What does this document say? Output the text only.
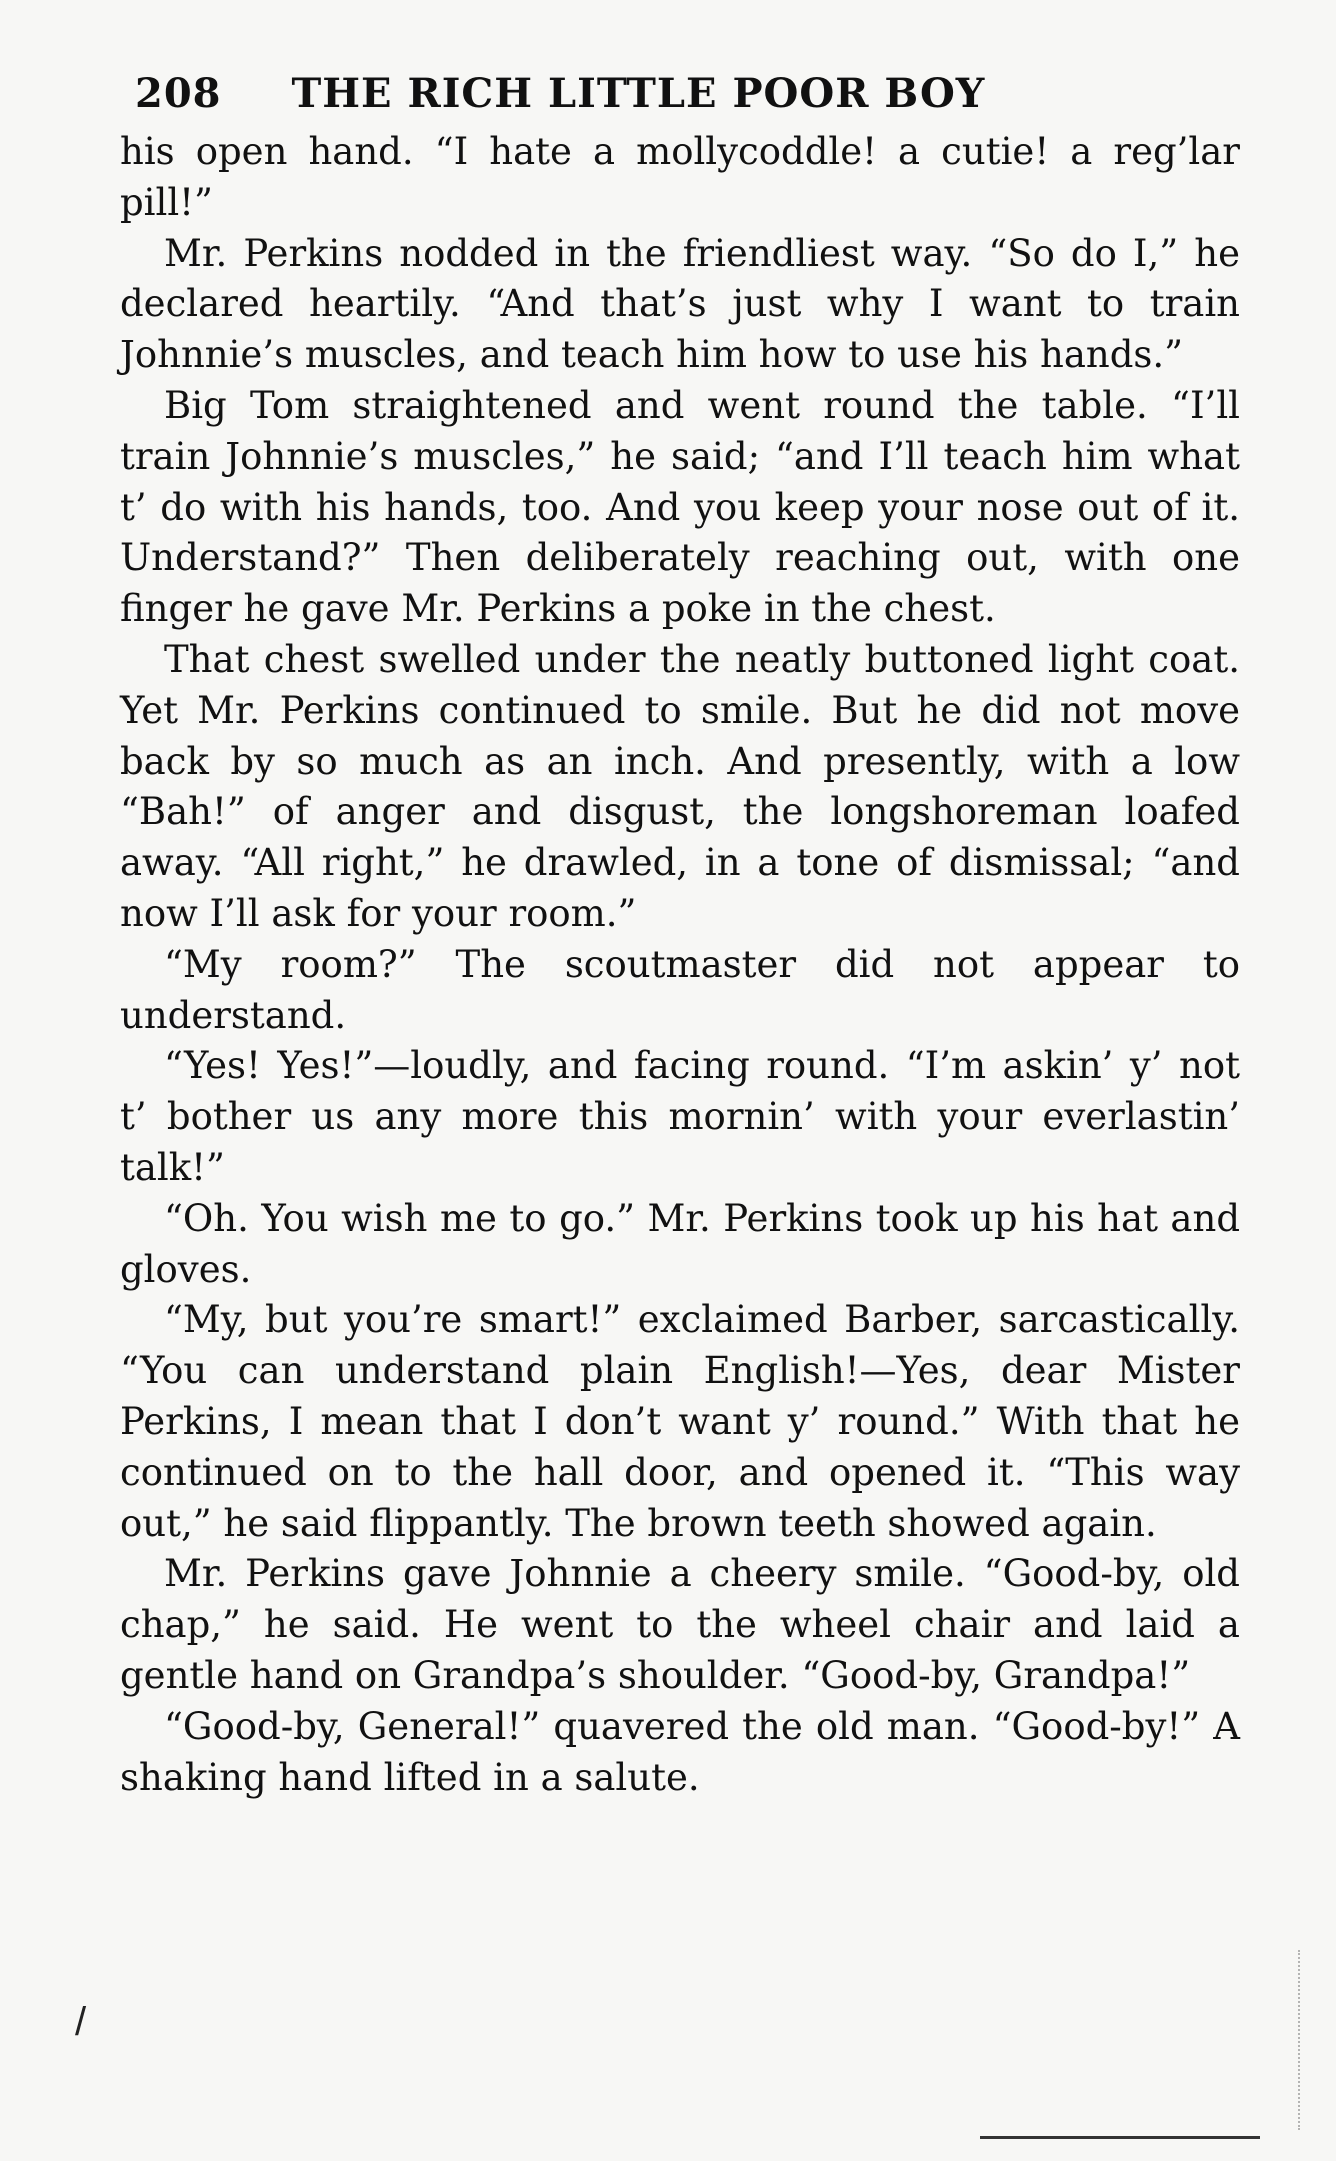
208 THE RICH LITTLE POOR BOY

his open hand. “I hate a mollycoddle! a cutie! a reg’lar pill!”

Mr. Perkins nodded in the friendliest way. “So do I,” he declared heartily. “And that’s just why I want to train Johnnie’s muscles, and teach him how to use his hands.”

Big Tom straightened and went round the table. “I’ll train Johnnie’s muscles,” he said; “and I’ll teach him what t’ do with his hands, too. And you keep your nose out of it. Understand?” Then deliberately reaching out, with one finger he gave Mr. Perkins a poke in the chest.

That chest swelled under the neatly buttoned light coat. Yet Mr. Perkins continued to smile. But he did not move back by so much as an inch. And presently, with a low “Bah!” of anger and disgust, the longshoreman loafed away. “All right,” he drawled, in a tone of dismissal; “and now I’ll ask for your room.”

“My room?” The scoutmaster did not appear to understand.

“Yes! Yes!”—loudly, and facing round. “I’m askin’ y’ not t’ bother us any more this mornin’ with your everlastin’ talk!”

“Oh. You wish me to go.” Mr. Perkins took up his hat and gloves.

“My, but you’re smart!” exclaimed Barber, sarcastically. “You can understand plain English!—Yes, dear Mister Perkins, I mean that I don’t want y’ round.” With that he continued on to the hall door, and opened it. “This way out,” he said flippantly. The brown teeth showed again.

Mr. Perkins gave Johnnie a cheery smile. “Good-by, old chap,” he said. He went to the wheel chair and laid a gentle hand on Grandpa’s shoulder. “Good-by, Grandpa!”

“Good-by, General!” quavered the old man. “Good-by!” A shaking hand lifted in a salute.

/
